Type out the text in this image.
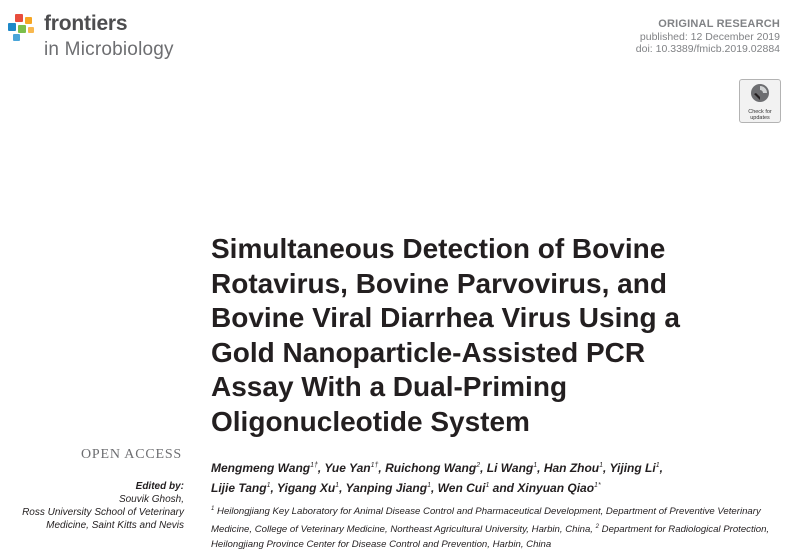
frontiers
in Microbiology
ORIGINAL RESEARCH
published: 12 December 2019
doi: 10.3389/fmicb.2019.02884
Check for
updates
Simultaneous Detection of Bovine
Rotavirus, Bovine Parvovirus, and
Bovine Viral Diarrhea Virus Using a
Gold Nanoparticle-Assisted PCR
Assay With a Dual-Priming
Oligonucleotide System
OPEN ACCESS
Edited by:
Souvik Ghosh,
Ross University School of Veterinary
Medicine, Saint Kitts and Nevis
Mengmeng Wang$^{1\dagger}$, Yue Yan$^{1\dagger}$, Ruichong Wang$^2$, Li Wang$^1$, Han Zhou$^1$, Yijing Li$^1$,
Lijie Tang$^1$, Yigang Xu$^1$, Yanping Jiang$^1$, Wen Cui$^1$ and Xinyuan Qiao$^{1*}$
$^1$ Heilongjiang Key Laboratory for Animal Disease Control and Pharmaceutical Development, Department of Preventive Veterinary Medicine, College of Veterinary Medicine, Northeast Agricultural University, Harbin, China, $^2$ Department for Radiological Protection, Heilongjiang Province Center for Disease Control and Prevention, Harbin, China
